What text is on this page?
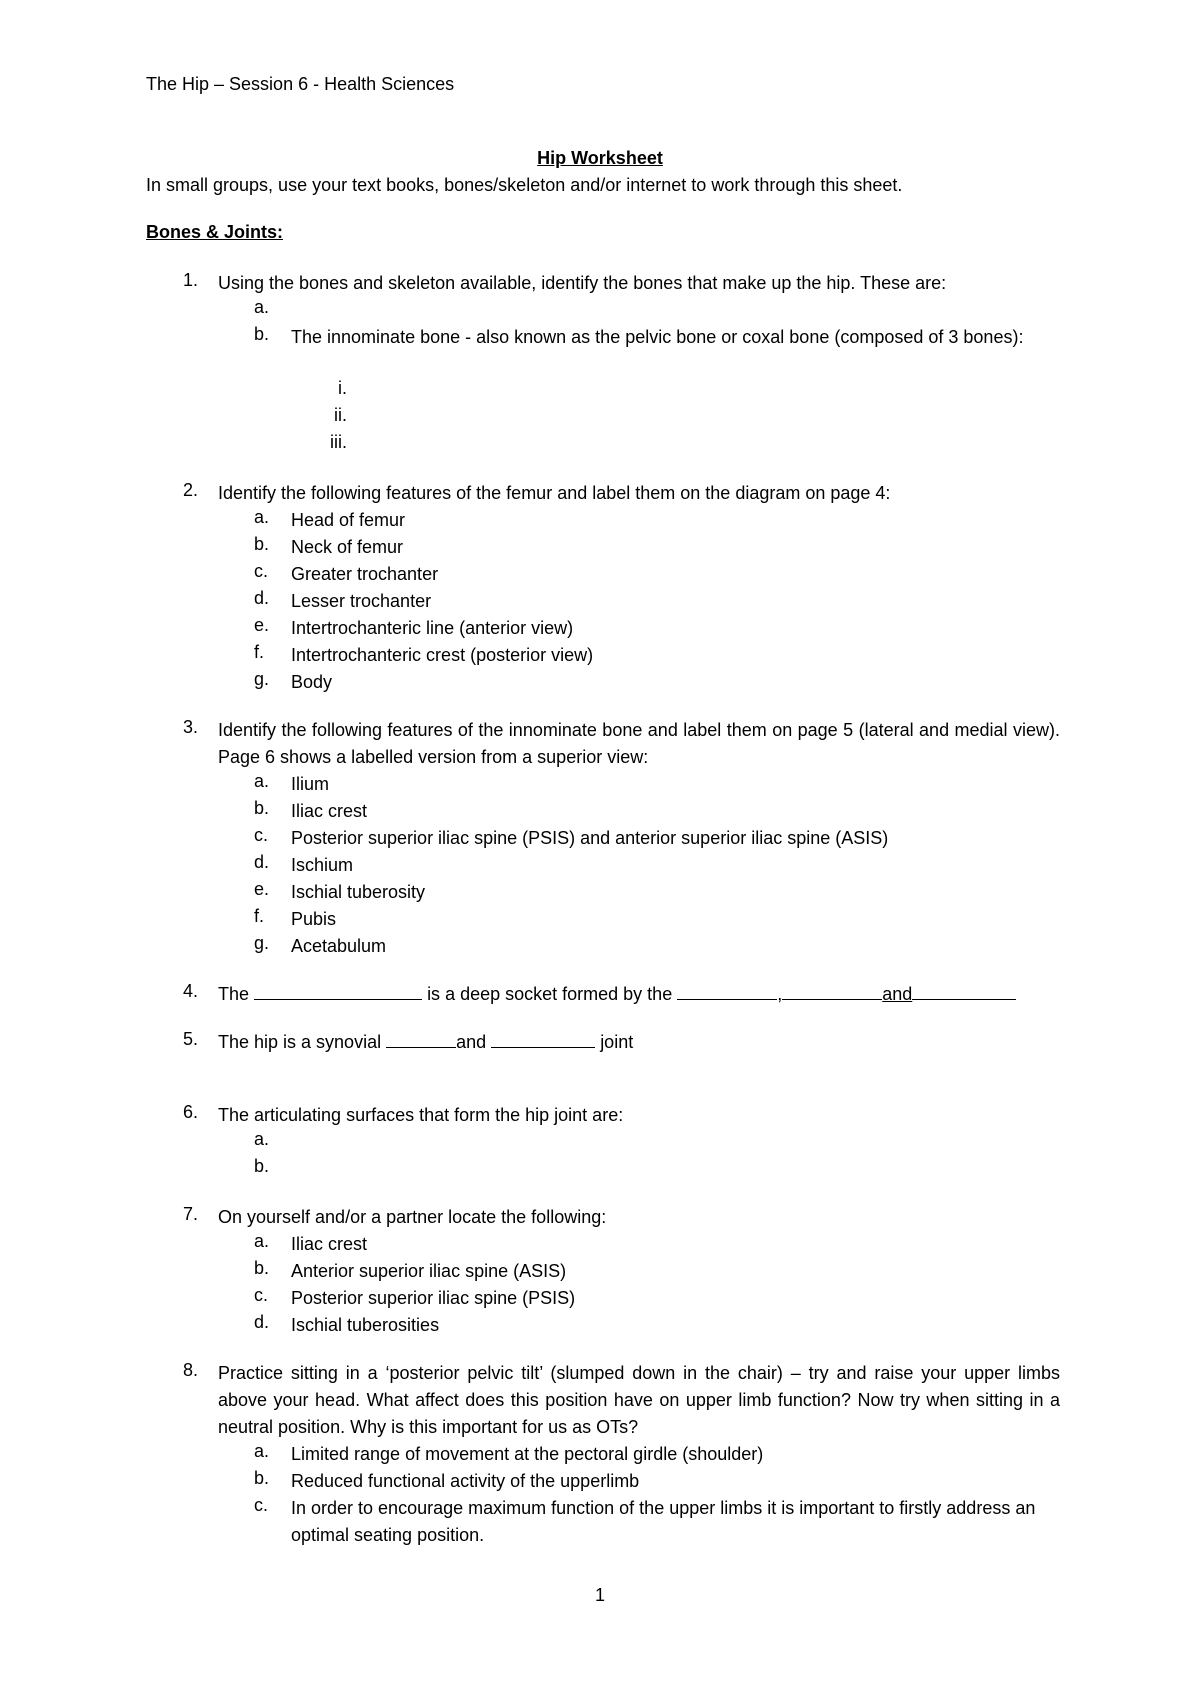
The Hip – Session 6 - Health Sciences
Hip Worksheet
In small groups, use your text books, bones/skeleton and/or internet to work through this sheet.
Bones & Joints:
1. Using the bones and skeleton available, identify the bones that make up the hip. These are:
a.
b. The innominate bone - also known as the pelvic bone or coxal bone (composed of 3 bones):
i.
ii.
iii.
2. Identify the following features of the femur and label them on the diagram on page 4:
a. Head of femur
b. Neck of femur
c. Greater trochanter
d. Lesser trochanter
e. Intertrochanteric line (anterior view)
f. Intertrochanteric crest (posterior view)
g. Body
3. Identify the following features of the innominate bone and label them on page 5 (lateral and medial view). Page 6 shows a labelled version from a superior view:
a. Ilium
b. Iliac crest
c. Posterior superior iliac spine (PSIS) and anterior superior iliac spine (ASIS)
d. Ischium
e. Ischial tuberosity
f. Pubis
g. Acetabulum
4. The	is a deep socket formed by the	,	and
5. The hip is a synovial	and	joint
6. The articulating surfaces that form the hip joint are:
a.
b.
7. On yourself and/or a partner locate the following:
a. Iliac crest
b. Anterior superior iliac spine (ASIS)
c. Posterior superior iliac spine (PSIS)
d. Ischial tuberosities
8. Practice sitting in a ‘posterior pelvic tilt’ (slumped down in the chair) – try and raise your upper limbs above your head. What affect does this position have on upper limb function? Now try when sitting in a neutral position. Why is this important for us as OTs?
a. Limited range of movement at the pectoral girdle (shoulder)
b. Reduced functional activity of the upperlimb
c. In order to encourage maximum function of the upper limbs it is important to firstly address an optimal seating position.
1
